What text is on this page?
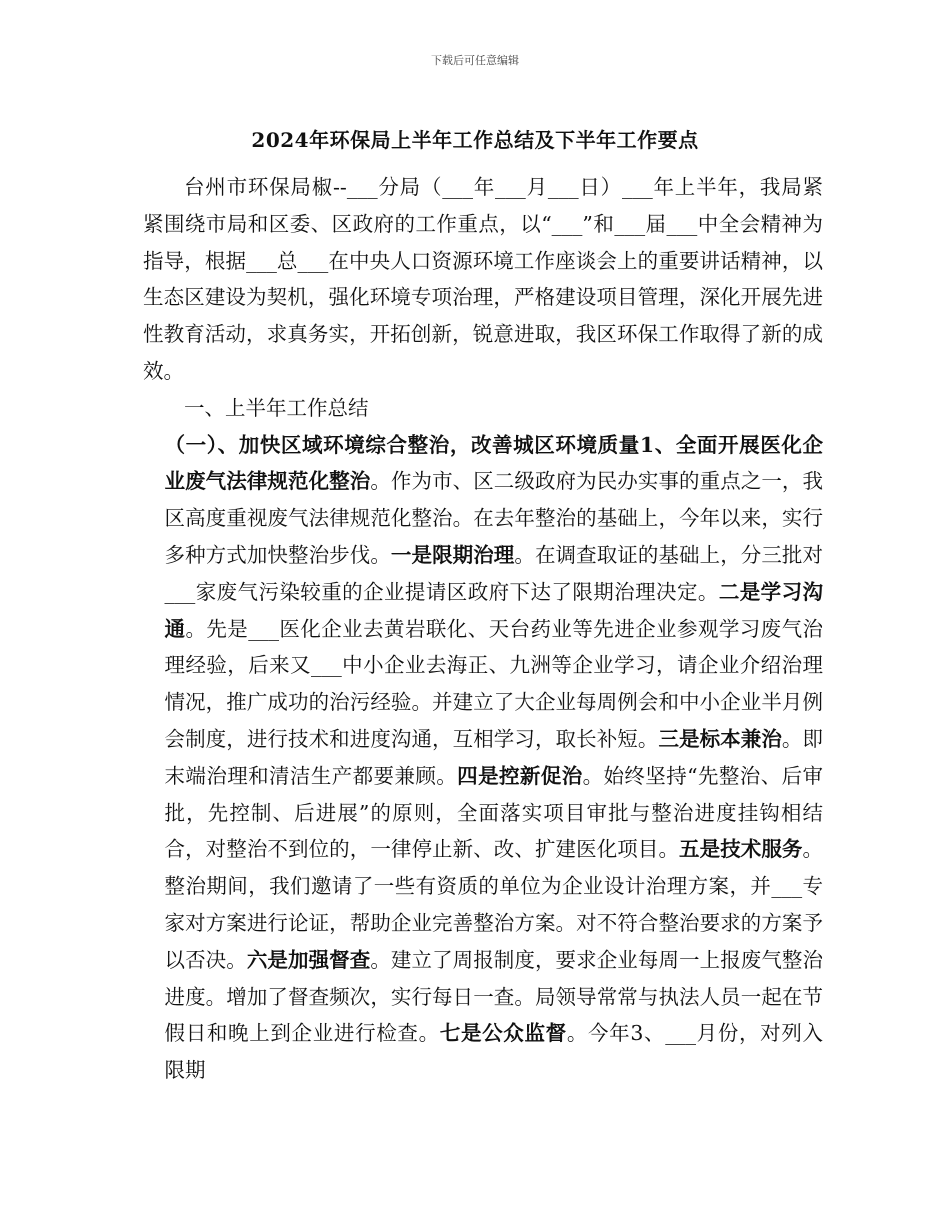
下载后可任意编辑
2024年环保局上半年工作总结及下半年工作要点

台州市环保局椒--___分局（___年___月___日）___年上半年，我局紧紧围绕市局和区委、区政府的工作重点，以“___”和___届___中全会精神为指导，根据___总___在中央人口资源环境工作座谈会上的重要讲话精神，以生态区建设为契机，强化环境专项治理，严格建设项目管理，深化开展先进性教育活动，求真务实，开拓创新，锐意进取，我区环保工作取得了新的成效。

一、上半年工作总结

（一）、加快区域环境综合整治，改善城区环境质量1、全面开展医化企业废气法律规范化整治。作为市、区二级政府为民办实事的重点之一，我区高度重视废气法律规范化整治。在去年整治的基础上，今年以来，实行多种方式加快整治步伐。一是限期治理。在调查取证的基础上，分三批对___家废气污染较重的企业提请区政府下达了限期治理决定。二是学习沟通。先是___医化企业去黄岩联化、天台药业等先进企业参观学习废气治理经验，后来又___中小企业去海正、九洲等企业学习，请企业介绍治理情况，推广成功的治污经验。并建立了大企业每周例会和中小企业半月例会制度，进行技术和进度沟通，互相学习，取长补短。三是标本兼治。即末端治理和清洁生产都要兼顾。四是控新促治。始终坚持“先整治、后审批，先控制、后进展”的原则，全面落实项目审批与整治进度挂钩相结合，对整治不到位的，一律停止新、改、扩建医化项目。五是技术服务。整治期间，我们邀请了一些有资质的单位为企业设计治理方案，并___专家对方案进行论证，帮助企业完善整治方案。对不符合整治要求的方案予以否决。六是加强督查。建立了周报制度，要求企业每周一上报废气整治进度。增加了督查频次，实行每日一查。局领导常常与执法人员一起在节假日和晚上到企业进行检查。七是公众监督。今年3、___月份，对列入限期
